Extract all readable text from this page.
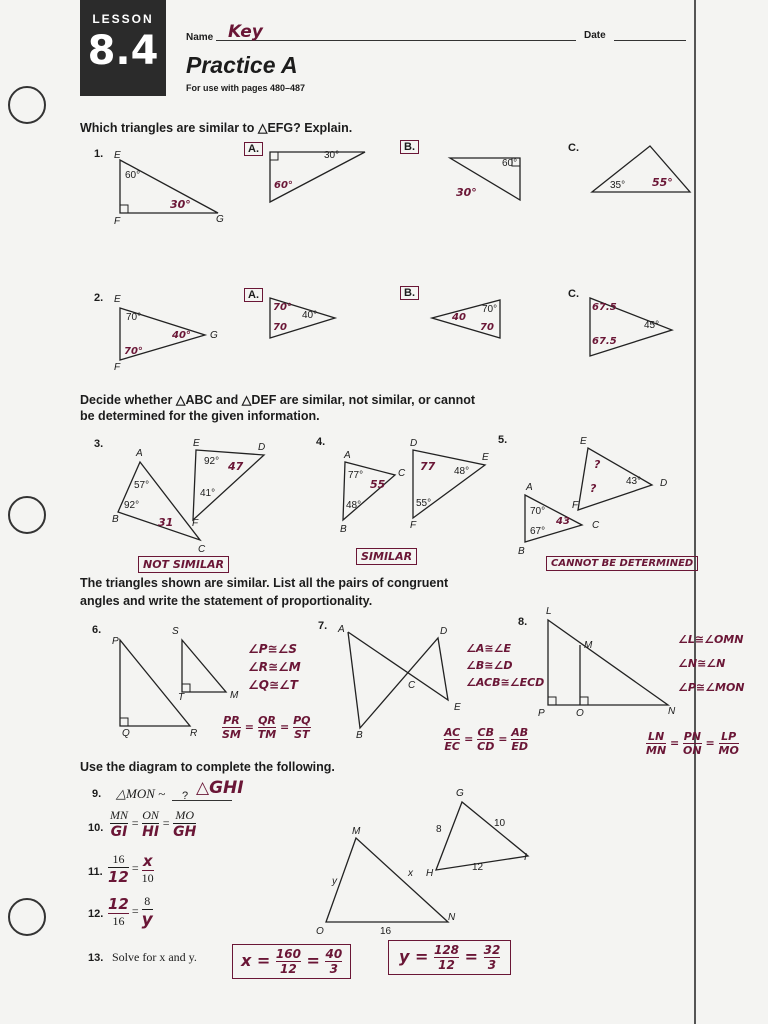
LESSON
8.4	Name Key	Date
Practice A
For use with pages 480–487
Which triangles are similar to △EFG? Explain.
1. E
F	G
60°
30°
A.
30°
60°
B.
60°
30°
C.
35° 55°
2. E
F
G
70°
40°
70°
A.
40°
70°
70
B.
70°
40
70
C.
45°
67.5
67.5
Decide whether △ABC and △DEF are similar, not similar, or cannot
be determined for the given information.
3.
A
B
C
D
E
F
57°
92°
92°
41°
47
31
NOT SIMILAR
4.
A
B
C
D
E
F
77°
48°
48°
55°
55
77
SIMILAR
5.
A
B
C
D
E
F
43°
70°
67°
?
?
43
CANNOT BE DETERMINED
The triangles shown are similar. List all the pairs of congruent
angles and write the statement of proportionality.
6.
P
Q	R
S
T	M
∠P≅∠S
∠R≅∠M
∠Q≅∠T
$\frac{PR}{SM} = \frac{QR}{TM} = \frac{PQ}{ST}$
7. A
B
C
D
E
∠A≅∠E
∠B≅∠D
∠ACB≅∠ECD
$\frac{AC}{EC} = \frac{CB}{CD} = \frac{AB}{ED}$
8.
L
M
N
O
P
∠L≅∠OMN
∠N≅∠N
∠P≅∠MON
$\frac{LN}{MN} = \frac{PN}{ON} = \frac{LP}{MO}$
Use the diagram to complete the following.
9. △MON ~ ? △GHI
10. $\frac{MN}{GI} = \frac{ON}{HI} = \frac{MO}{GH}$
11. $\frac{16}{12} = \frac{x}{10}$
12. $\frac{12}{16} = \frac{8}{y}$
13. Solve for x and y.	$x = \frac{160}{12} = \frac{40}{3}$	$y = \frac{128}{12} = \frac{32}{3}$
M
O
N
G
H
I
y
x
16
8
10
12
